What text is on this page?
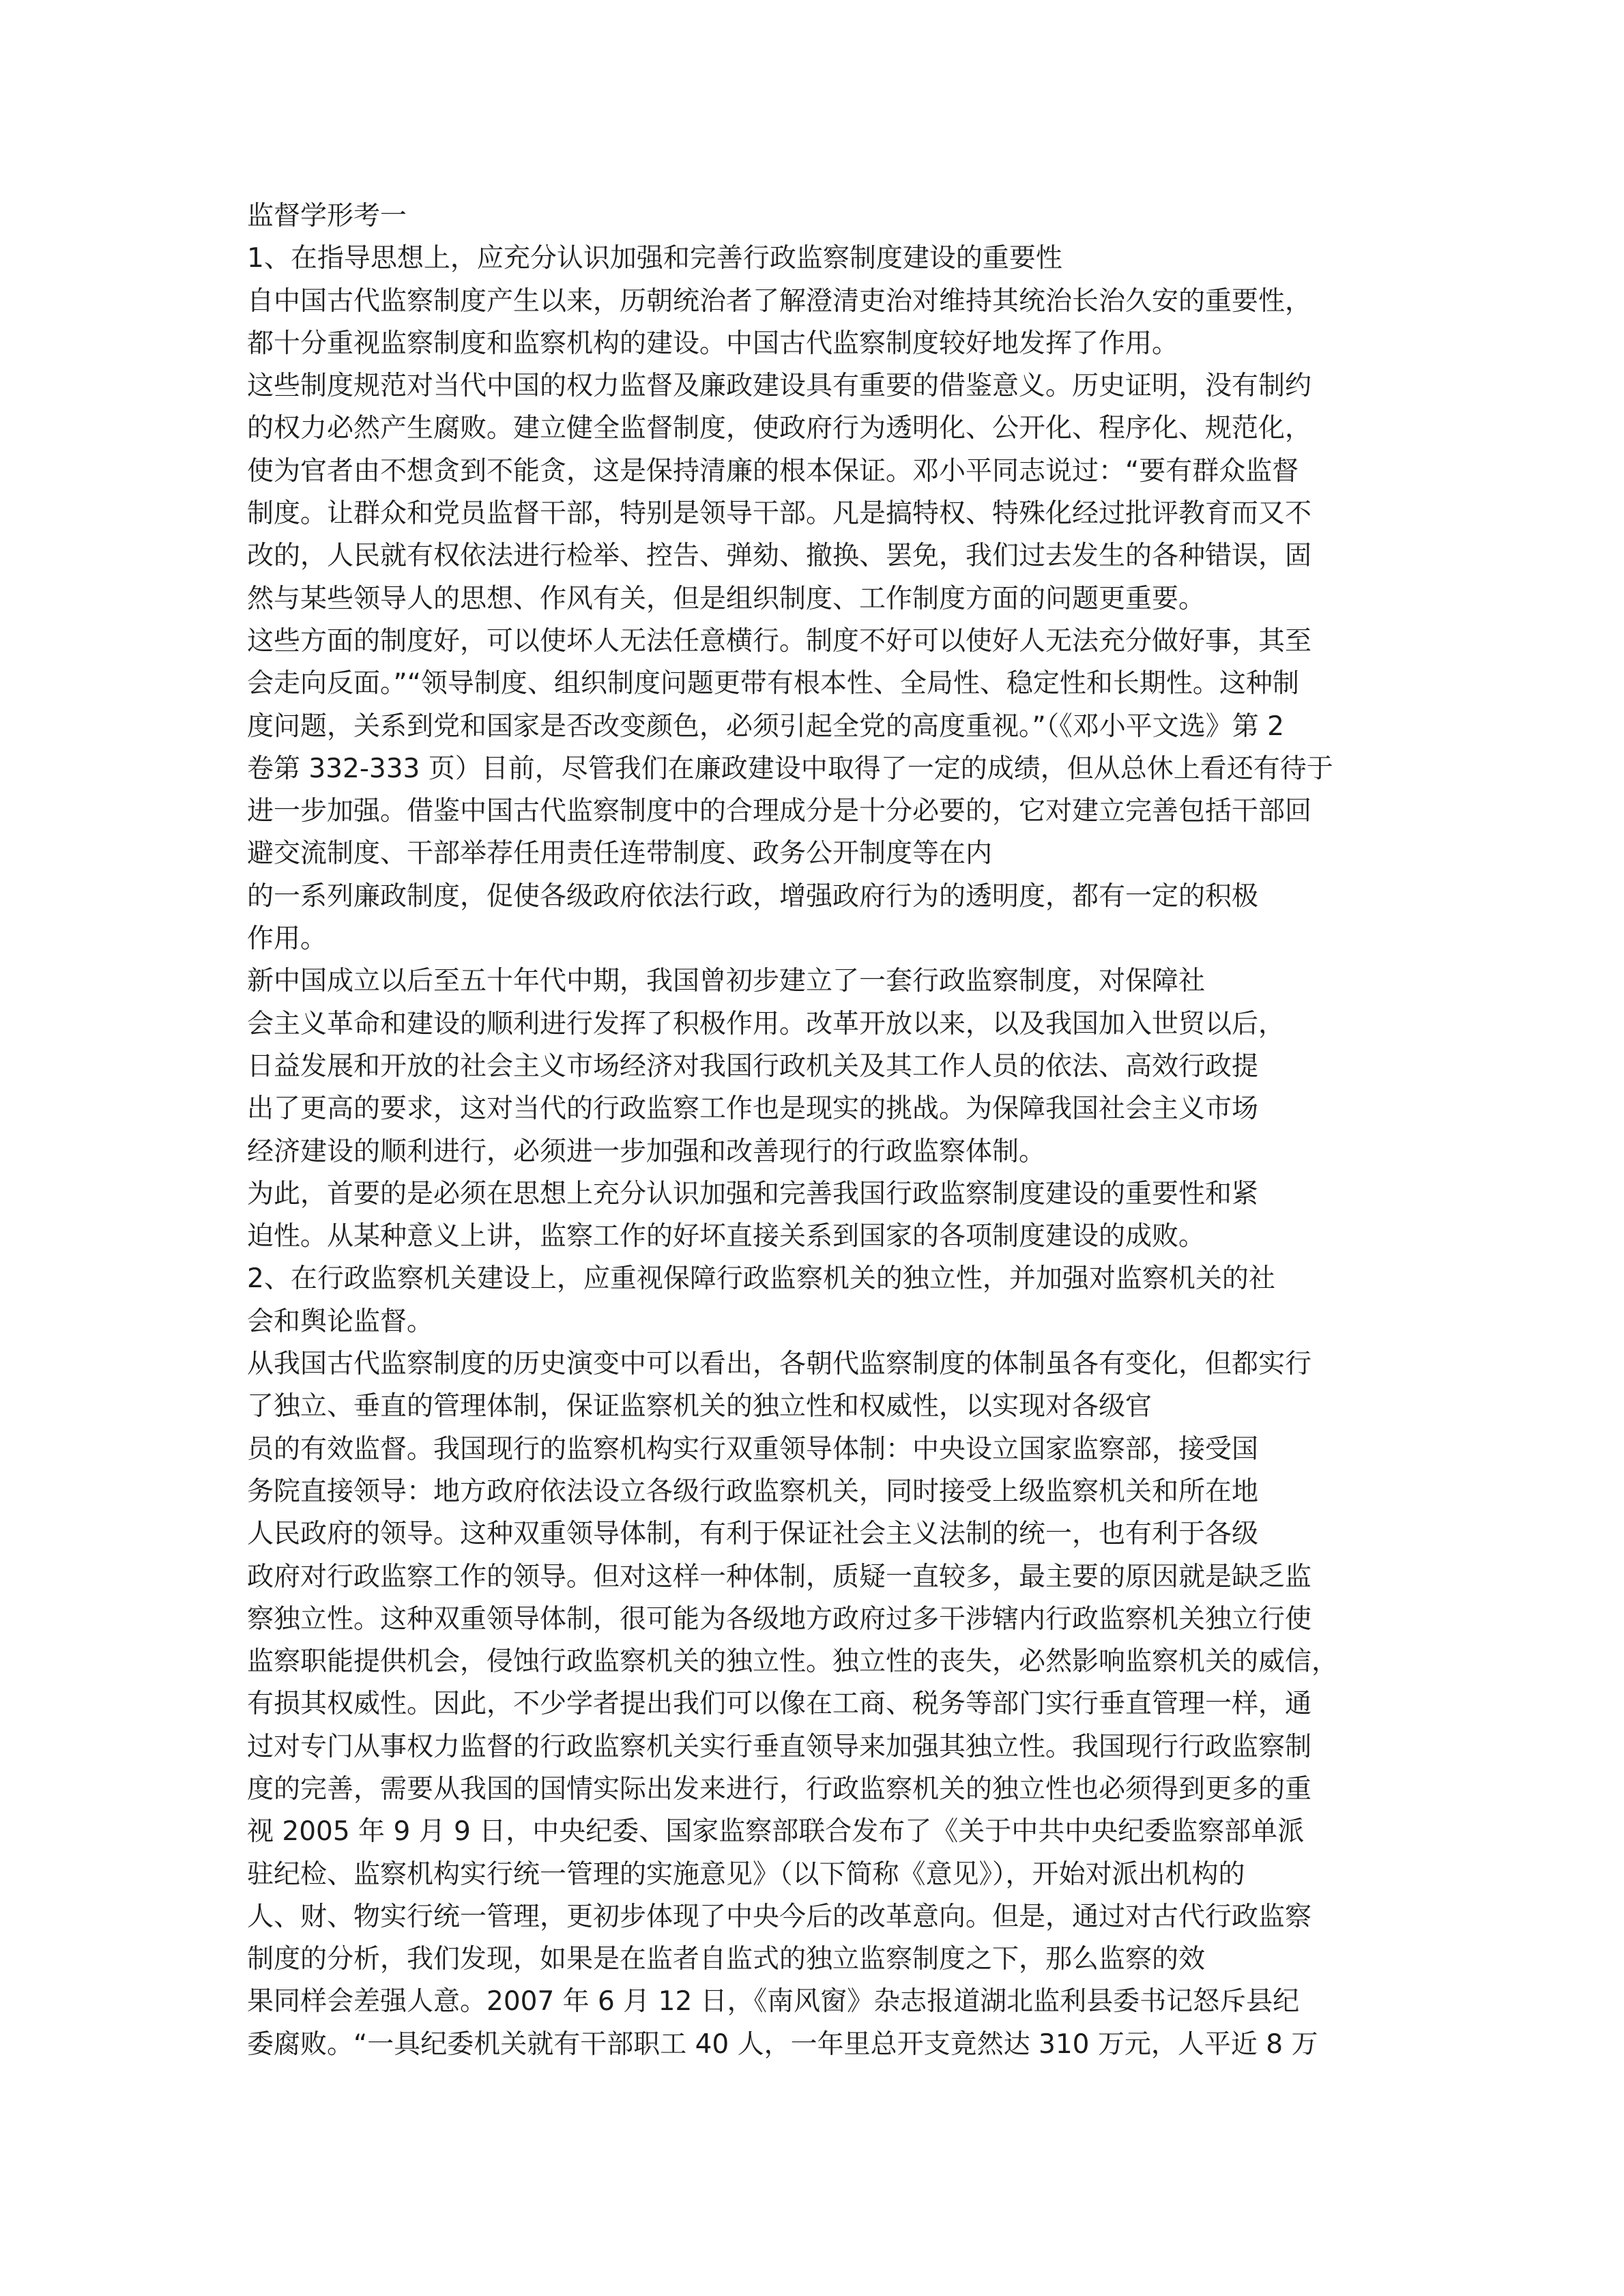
监督学形考一
1、在指导思想上，应充分认识加强和完善行政监察制度建设的重要性
自中国古代监察制度产生以来，历朝统治者了解澄清吏治对维持其统治长治久安的重要性，
都十分重视监察制度和监察机构的建设。中国古代监察制度较好地发挥了作用。
这些制度规范对当代中国的权力监督及廉政建设具有重要的借鉴意义。历史证明，没有制约
的权力必然产生腐败。建立健全监督制度，使政府行为透明化、公开化、程序化、规范化，
使为官者由不想贪到不能贪，这是保持清廉的根本保证。邓小平同志说过：“要有群众监督
制度。让群众和党员监督干部，特别是领导干部。凡是搞特权、特殊化经过批评教育而又不
改的，人民就有权依法进行检举、控告、弹劾、撤换、罢免，我们过去发生的各种错误，固
然与某些领导人的思想、作风有关，但是组织制度、工作制度方面的问题更重要。
这些方面的制度好，可以使坏人无法任意横行。制度不好可以使好人无法充分做好事，其至
会走向反面。”“领导制度、组织制度问题更带有根本性、全局性、稳定性和长期性。这种制
度问题，关系到党和国家是否改变颜色，必须引起全党的高度重视。”（《邓小平文选》第 2
卷第 332-333 页）目前，尽管我们在廉政建设中取得了一定的成绩，但从总休上看还有待于
进一步加强。借鉴中国古代监察制度中的合理成分是十分必要的，它对建立完善包括干部回
避交流制度、干部举荐任用责任连带制度、政务公开制度等在内
的一系列廉政制度，促使各级政府依法行政，增强政府行为的透明度，都有一定的积极
作用。
新中国成立以后至五十年代中期，我国曾初步建立了一套行政监察制度，对保障社
会主义革命和建设的顺利进行发挥了积极作用。改革开放以来，以及我国加入世贸以后，
日益发展和开放的社会主义市场经济对我国行政机关及其工作人员的依法、高效行政提
出了更高的要求，这对当代的行政监察工作也是现实的挑战。为保障我国社会主义市场
经济建设的顺利进行，必须进一步加强和改善现行的行政监察体制。
为此，首要的是必须在思想上充分认识加强和完善我国行政监察制度建设的重要性和紧
迫性。从某种意义上讲，监察工作的好坏直接关系到国家的各项制度建设的成败。
2、在行政监察机关建设上，应重视保障行政监察机关的独立性，并加强对监察机关的社
会和舆论监督。
从我国古代监察制度的历史演变中可以看出，各朝代监察制度的体制虽各有变化，但都实行
了独立、垂直的管理体制，保证监察机关的独立性和权威性，以实现对各级官
员的有效监督。我国现行的监察机构实行双重领导体制：中央设立国家监察部，接受国
务院直接领导：地方政府依法设立各级行政监察机关，同时接受上级监察机关和所在地
人民政府的领导。这种双重领导体制，有利于保证社会主义法制的统一，也有利于各级
政府对行政监察工作的领导。但对这样一种体制，质疑一直较多，最主要的原因就是缺乏监
察独立性。这种双重领导体制，很可能为各级地方政府过多干涉辖内行政监察机关独立行使
监察职能提供机会，侵蚀行政监察机关的独立性。独立性的丧失，必然影响监察机关的威信，
有损其权威性。因此，不少学者提出我们可以像在工商、税务等部门实行垂直管理一样，通
过对专门从事权力监督的行政监察机关实行垂直领导来加强其独立性。我国现行行政监察制
度的完善，需要从我国的国情实际出发来进行，行政监察机关的独立性也必须得到更多的重
视 2005 年 9 月 9 日，中央纪委、国家监察部联合发布了《关于中共中央纪委监察部单派
驻纪检、监察机构实行统一管理的实施意见》（以下简称《意见》），开始对派出机构的
人、财、物实行统一管理，更初步体现了中央今后的改革意向。但是，通过对古代行政监察
制度的分析，我们发现，如果是在监者自监式的独立监察制度之下，那么监察的效
果同样会差强人意。2007 年 6 月 12 日，《南风窗》杂志报道湖北监利县委书记怒斥县纪
委腐败。“一具纪委机关就有干部职工 40 人，一年里总开支竟然达 310 万元，人平近 8 万
